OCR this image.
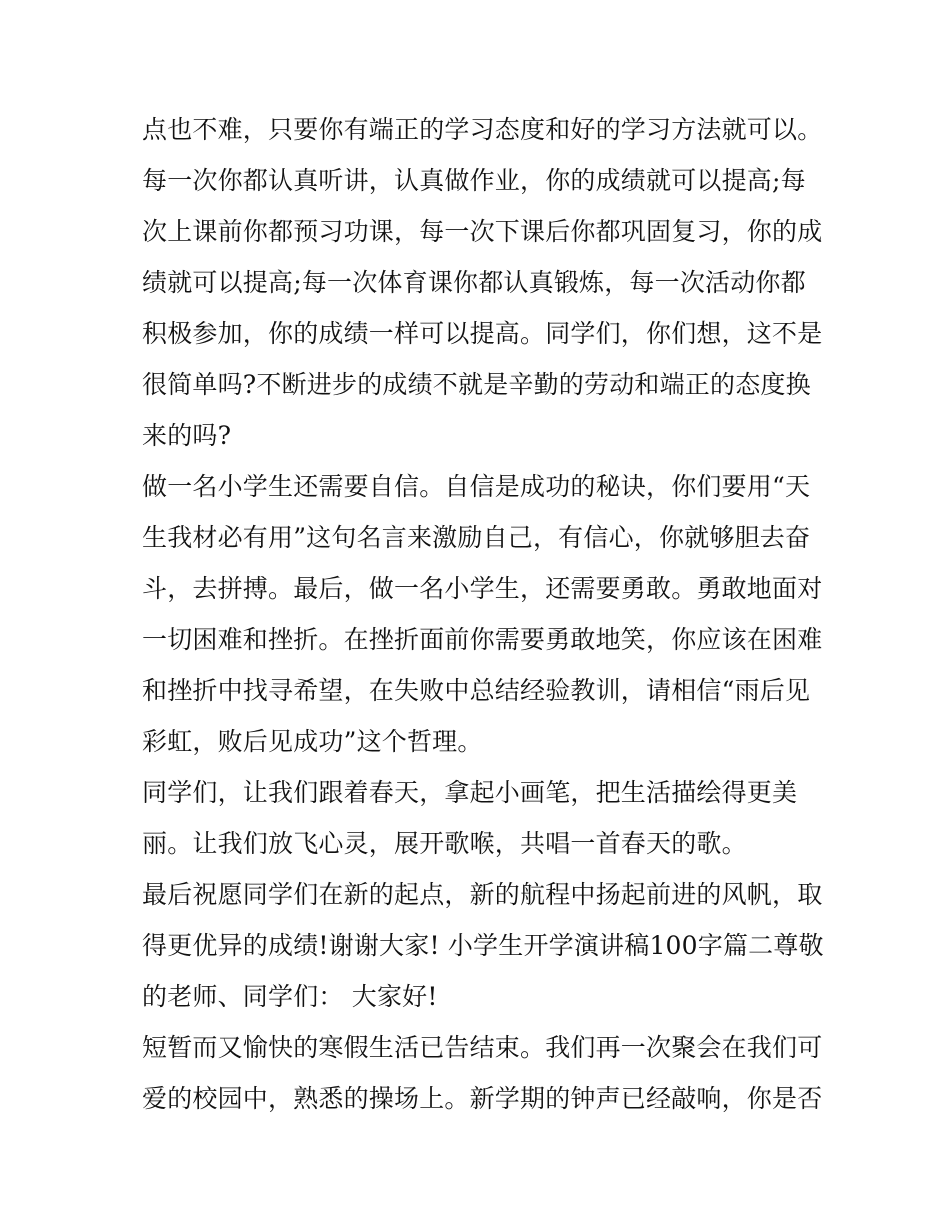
点也不难，只要你有端正的学习态度和好的学习方法就可以。
每一次你都认真听讲，认真做作业，你的成绩就可以提高;每
次上课前你都预习功课，每一次下课后你都巩固复习，你的成
绩就可以提高;每一次体育课你都认真锻炼，每一次活动你都
积极参加，你的成绩一样可以提高。同学们，你们想，这不是
很简单吗?不断进步的成绩不就是辛勤的劳动和端正的态度换
来的吗?
做一名小学生还需要自信。自信是成功的秘诀，你们要用“天
生我材必有用”这句名言来激励自己，有信心，你就够胆去奋
斗，去拼搏。最后，做一名小学生，还需要勇敢。勇敢地面对
一切困难和挫折。在挫折面前你需要勇敢地笑，你应该在困难
和挫折中找寻希望，在失败中总结经验教训，请相信“雨后见
彩虹，败后见成功”这个哲理。
同学们，让我们跟着春天，拿起小画笔，把生活描绘得更美
丽。让我们放飞心灵，展开歌喉，共唱一首春天的歌。
最后祝愿同学们在新的起点，新的航程中扬起前进的风帆，取
得更优异的成绩!谢谢大家! 小学生开学演讲稿100字篇二尊敬
的老师、同学们： 大家好!
短暂而又愉快的寒假生活已告结束。我们再一次聚会在我们可
爱的校园中，熟悉的操场上。新学期的钟声已经敲响，你是否
